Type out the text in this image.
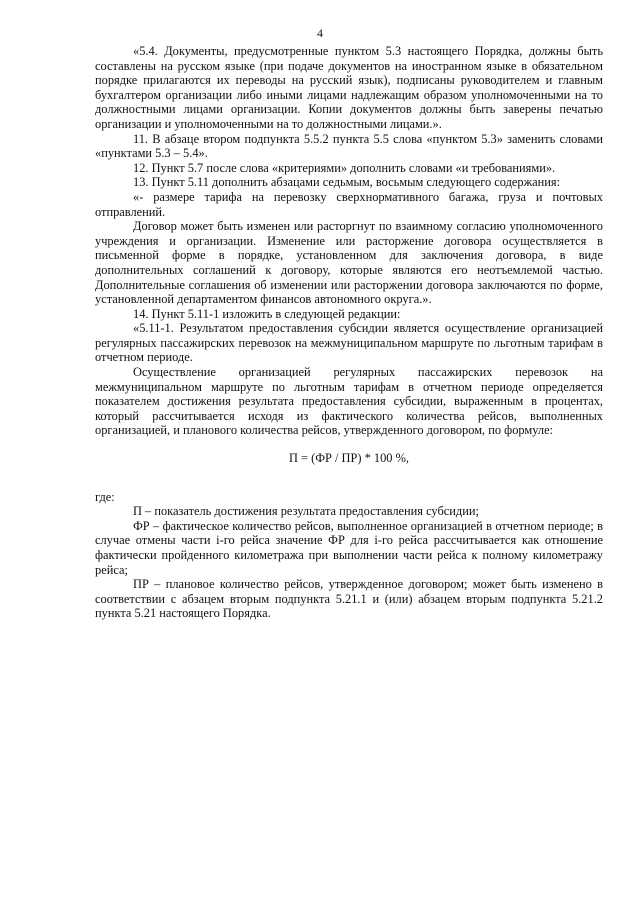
4

«5.4. Документы, предусмотренные пунктом 5.3 настоящего Порядка, должны быть составлены на русском языке (при подаче документов на иностранном языке в обязательном порядке прилагаются их переводы на русский язык), подписаны руководителем и главным бухгалтером организации либо иными лицами надлежащим образом уполномоченными на то должностными лицами организации. Копии документов должны быть заверены печатью организации и уполномоченными на то должностными лицами.».

11. В абзаце втором подпункта 5.5.2 пункта 5.5 слова «пунктом 5.3» заменить словами «пунктами 5.3 – 5.4».

12. Пункт 5.7 после слова «критериями» дополнить словами «и требованиями».

13. Пункт 5.11 дополнить абзацами седьмым, восьмым следующего содержания:

«- размере тарифа на перевозку сверхнормативного багажа, груза и почтовых отправлений.

Договор может быть изменен или расторгнут по взаимному согласию уполномоченного учреждения и организации. Изменение или расторжение договора осуществляется в письменной форме в порядке, установленном для заключения договора, в виде дополнительных соглашений к договору, которые являются его неотъемлемой частью. Дополнительные соглашения об изменении или расторжении договора заключаются по форме, установленной департаментом финансов автономного округа.».

14. Пункт 5.11-1 изложить в следующей редакции:

«5.11-1. Результатом предоставления субсидии является осуществление организацией регулярных пассажирских перевозок на межмуниципальном маршруте по льготным тарифам в отчетном периоде.

Осуществление организацией регулярных пассажирских перевозок на межмуниципальном маршруте по льготным тарифам в отчетном периоде определяется показателем достижения результата предоставления субсидии, выраженным в процентах, который рассчитывается исходя из фактического количества рейсов, выполненных организацией, и планового количества рейсов, утвержденного договором, по формуле:

П = (ФР / ПР) * 100 %,

где:

П – показатель достижения результата предоставления субсидии;

ФР – фактическое количество рейсов, выполненное организацией в отчетном периоде; в случае отмены части i-го рейса значение ФР для i-го рейса рассчитывается как отношение фактически пройденного километража при выполнении части рейса к полному километражу рейса;

ПР – плановое количество рейсов, утвержденное договором; может быть изменено в соответствии с абзацем вторым подпункта 5.21.1 и (или) абзацем вторым подпункта 5.21.2 пункта 5.21 настоящего Порядка.
